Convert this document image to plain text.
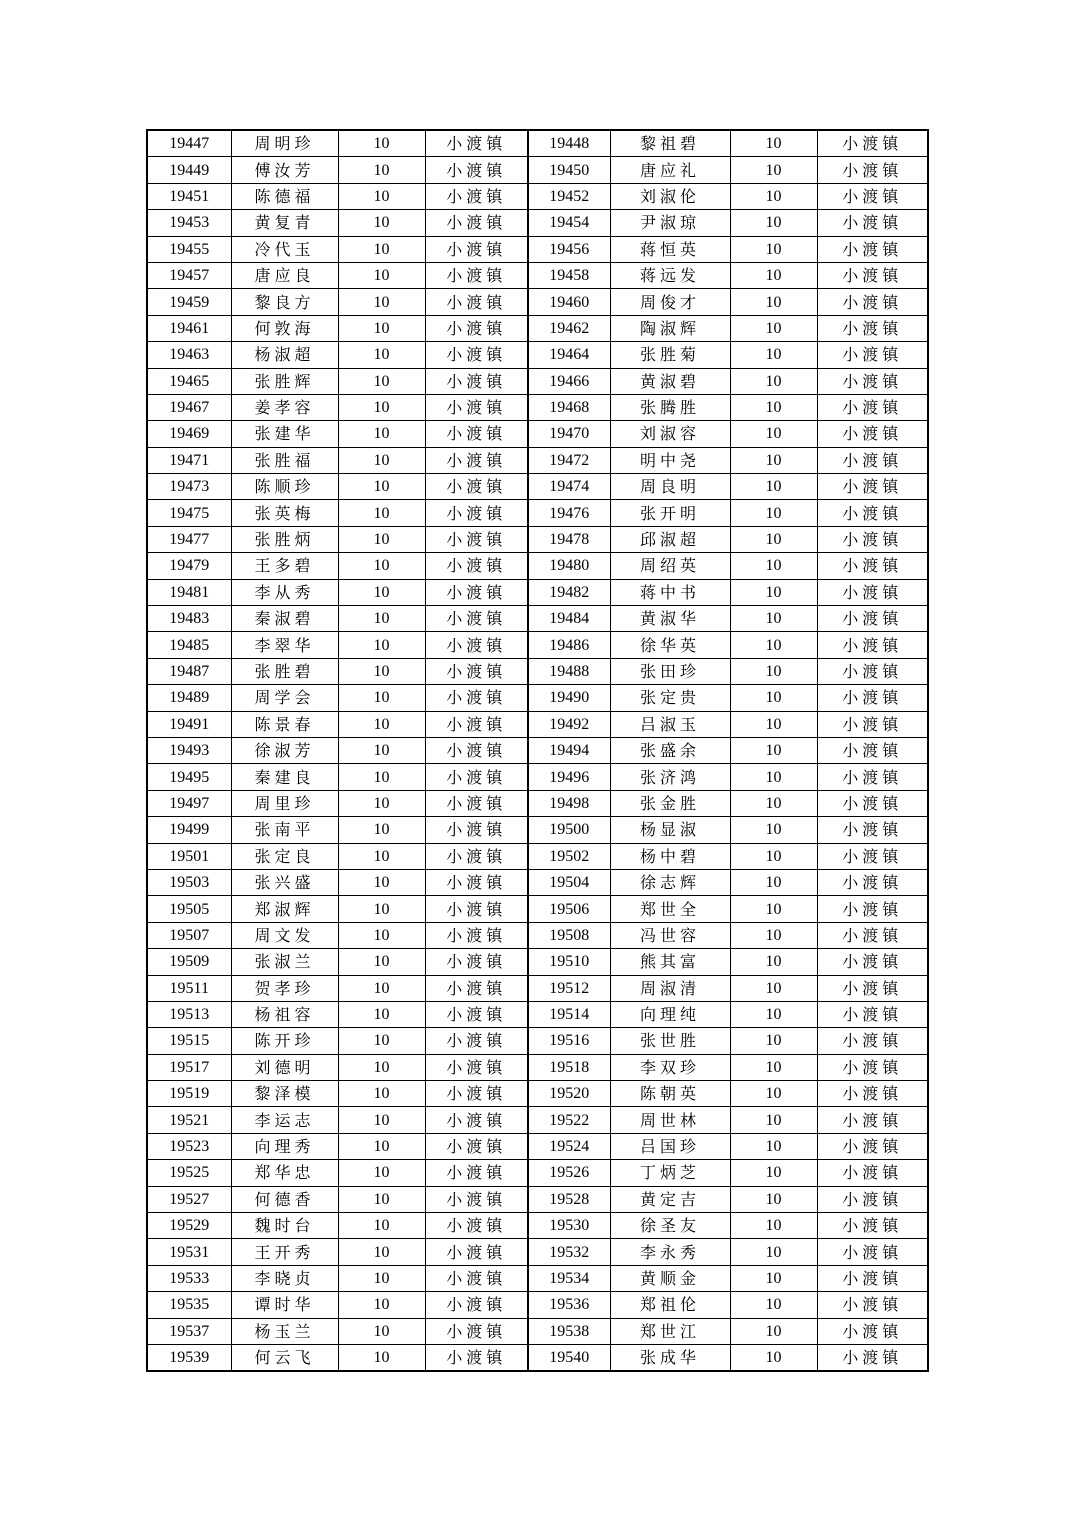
19447	周明珍	10	小渡镇	19448	黎祖碧	10	小渡镇
19449	傅汝芳	10	小渡镇	19450	唐应礼	10	小渡镇
19451	陈德福	10	小渡镇	19452	刘淑伦	10	小渡镇
19453	黄复青	10	小渡镇	19454	尹淑琼	10	小渡镇
19455	冷代玉	10	小渡镇	19456	蒋恒英	10	小渡镇
19457	唐应良	10	小渡镇	19458	蒋远发	10	小渡镇
19459	黎良方	10	小渡镇	19460	周俊才	10	小渡镇
19461	何敦海	10	小渡镇	19462	陶淑辉	10	小渡镇
19463	杨淑超	10	小渡镇	19464	张胜菊	10	小渡镇
19465	张胜辉	10	小渡镇	19466	黄淑碧	10	小渡镇
19467	姜孝容	10	小渡镇	19468	张腾胜	10	小渡镇
19469	张建华	10	小渡镇	19470	刘淑容	10	小渡镇
19471	张胜福	10	小渡镇	19472	明中尧	10	小渡镇
19473	陈顺珍	10	小渡镇	19474	周良明	10	小渡镇
19475	张英梅	10	小渡镇	19476	张开明	10	小渡镇
19477	张胜炳	10	小渡镇	19478	邱淑超	10	小渡镇
19479	王多碧	10	小渡镇	19480	周绍英	10	小渡镇
19481	李从秀	10	小渡镇	19482	蒋中书	10	小渡镇
19483	秦淑碧	10	小渡镇	19484	黄淑华	10	小渡镇
19485	李翠华	10	小渡镇	19486	徐华英	10	小渡镇
19487	张胜碧	10	小渡镇	19488	张田珍	10	小渡镇
19489	周学会	10	小渡镇	19490	张定贵	10	小渡镇
19491	陈景春	10	小渡镇	19492	吕淑玉	10	小渡镇
19493	徐淑芳	10	小渡镇	19494	张盛余	10	小渡镇
19495	秦建良	10	小渡镇	19496	张济鸿	10	小渡镇
19497	周里珍	10	小渡镇	19498	张金胜	10	小渡镇
19499	张南平	10	小渡镇	19500	杨显淑	10	小渡镇
19501	张定良	10	小渡镇	19502	杨中碧	10	小渡镇
19503	张兴盛	10	小渡镇	19504	徐志辉	10	小渡镇
19505	郑淑辉	10	小渡镇	19506	郑世全	10	小渡镇
19507	周文发	10	小渡镇	19508	冯世容	10	小渡镇
19509	张淑兰	10	小渡镇	19510	熊其富	10	小渡镇
19511	贺孝珍	10	小渡镇	19512	周淑清	10	小渡镇
19513	杨祖容	10	小渡镇	19514	向理纯	10	小渡镇
19515	陈开珍	10	小渡镇	19516	张世胜	10	小渡镇
19517	刘德明	10	小渡镇	19518	李双珍	10	小渡镇
19519	黎泽模	10	小渡镇	19520	陈朝英	10	小渡镇
19521	李运志	10	小渡镇	19522	周世林	10	小渡镇
19523	向理秀	10	小渡镇	19524	吕国珍	10	小渡镇
19525	郑华忠	10	小渡镇	19526	丁炳芝	10	小渡镇
19527	何德香	10	小渡镇	19528	黄定吉	10	小渡镇
19529	魏时台	10	小渡镇	19530	徐圣友	10	小渡镇
19531	王开秀	10	小渡镇	19532	李永秀	10	小渡镇
19533	李晓贞	10	小渡镇	19534	黄顺金	10	小渡镇
19535	谭时华	10	小渡镇	19536	郑祖伦	10	小渡镇
19537	杨玉兰	10	小渡镇	19538	郑世江	10	小渡镇
19539	何云飞	10	小渡镇	19540	张成华	10	小渡镇
